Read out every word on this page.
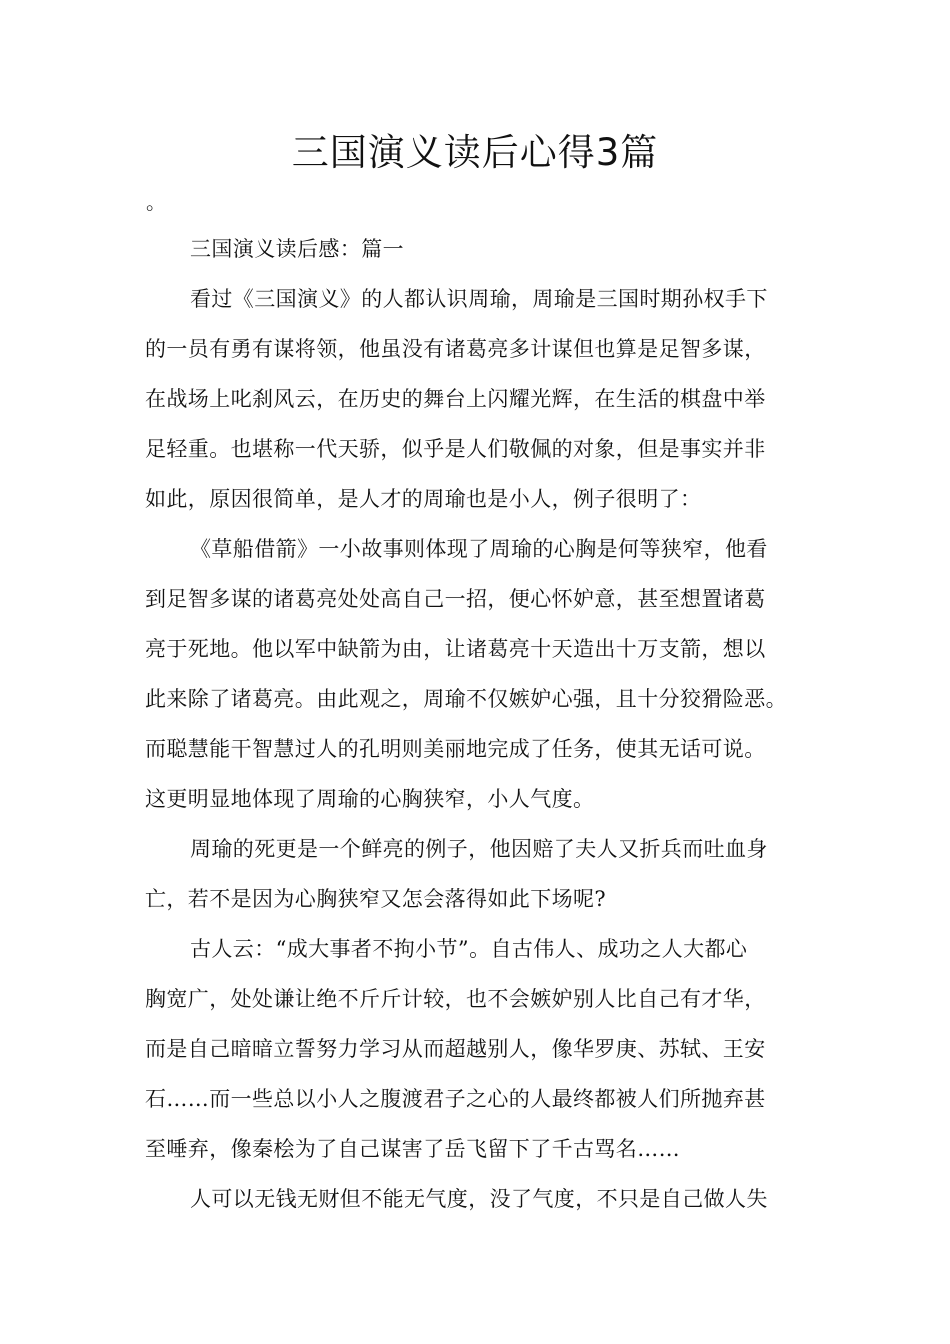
三国演义读后心得3篇
。
三国演义读后感：篇一
看过《三国演义》的人都认识周瑜，周瑜是三国时期孙权手下
的一员有勇有谋将领，他虽没有诸葛亮多计谋但也算是足智多谋，
在战场上叱刹风云，在历史的舞台上闪耀光辉，在生活的棋盘中举
足轻重。也堪称一代天骄，似乎是人们敬佩的对象，但是事实并非
如此，原因很简单，是人才的周瑜也是小人，例子很明了：
《草船借箭》一小故事则体现了周瑜的心胸是何等狭窄，他看
到足智多谋的诸葛亮处处高自己一招，便心怀妒意，甚至想置诸葛
亮于死地。他以军中缺箭为由，让诸葛亮十天造出十万支箭，想以
此来除了诸葛亮。由此观之，周瑜不仅嫉妒心强，且十分狡猾险恶。
而聪慧能干智慧过人的孔明则美丽地完成了任务，使其无话可说。
这更明显地体现了周瑜的心胸狭窄，小人气度。
周瑜的死更是一个鲜亮的例子，他因赔了夫人又折兵而吐血身
亡，若不是因为心胸狭窄又怎会落得如此下场呢?
古人云：“成大事者不拘小节”。自古伟人、成功之人大都心
胸宽广，处处谦让绝不斤斤计较，也不会嫉妒别人比自己有才华，
而是自己暗暗立誓努力学习从而超越别人，像华罗庚、苏轼、王安
石……而一些总以小人之腹渡君子之心的人最终都被人们所抛弃甚
至唾弃，像秦桧为了自己谋害了岳飞留下了千古骂名……
人可以无钱无财但不能无气度，没了气度，不只是自己做人失
